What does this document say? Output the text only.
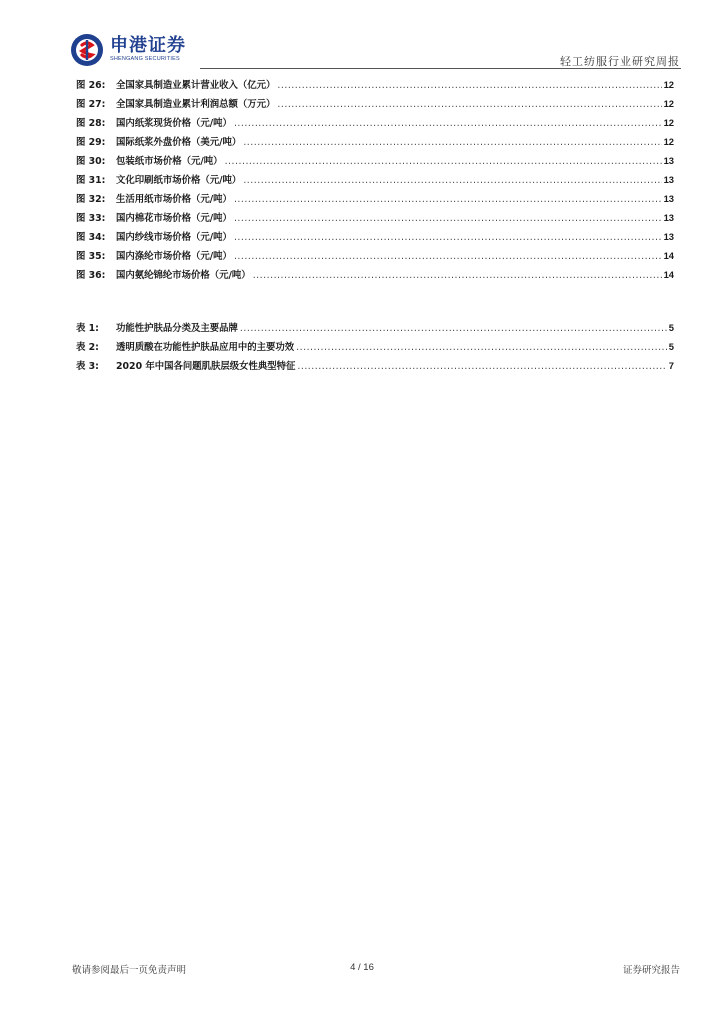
申港证券
SHENGANG SECURITIES	轻工纺服行业研究周报
图 26:	全国家具制造业累计营业收入（亿元） .....	12
图 27:	全国家具制造业累计利润总额（万元） .....	12
图 28:	国内纸浆现货价格（元/吨） .....	12
图 29:	国际纸浆外盘价格（美元/吨） .....	12
图 30:	包装纸市场价格（元/吨） .....	13
图 31:	文化印刷纸市场价格（元/吨） .....	13
图 32:	生活用纸市场价格（元/吨） .....	13
图 33:	国内棉花市场价格（元/吨） .....	13
图 34:	国内纱线市场价格（元/吨） .....	13
图 35:	国内涤纶市场价格（元/吨） .....	14
图 36:	国内氨纶锦纶市场价格（元/吨） .....	14
表 1:	功能性护肤品分类及主要品牌 .....	5
表 2:	透明质酸在功能性护肤品应用中的主要功效 .....	5
表 3:	2020 年中国各问题肌肤层级女性典型特征 .....	7
敬请参阅最后一页免责声明	4 / 16	证券研究报告
